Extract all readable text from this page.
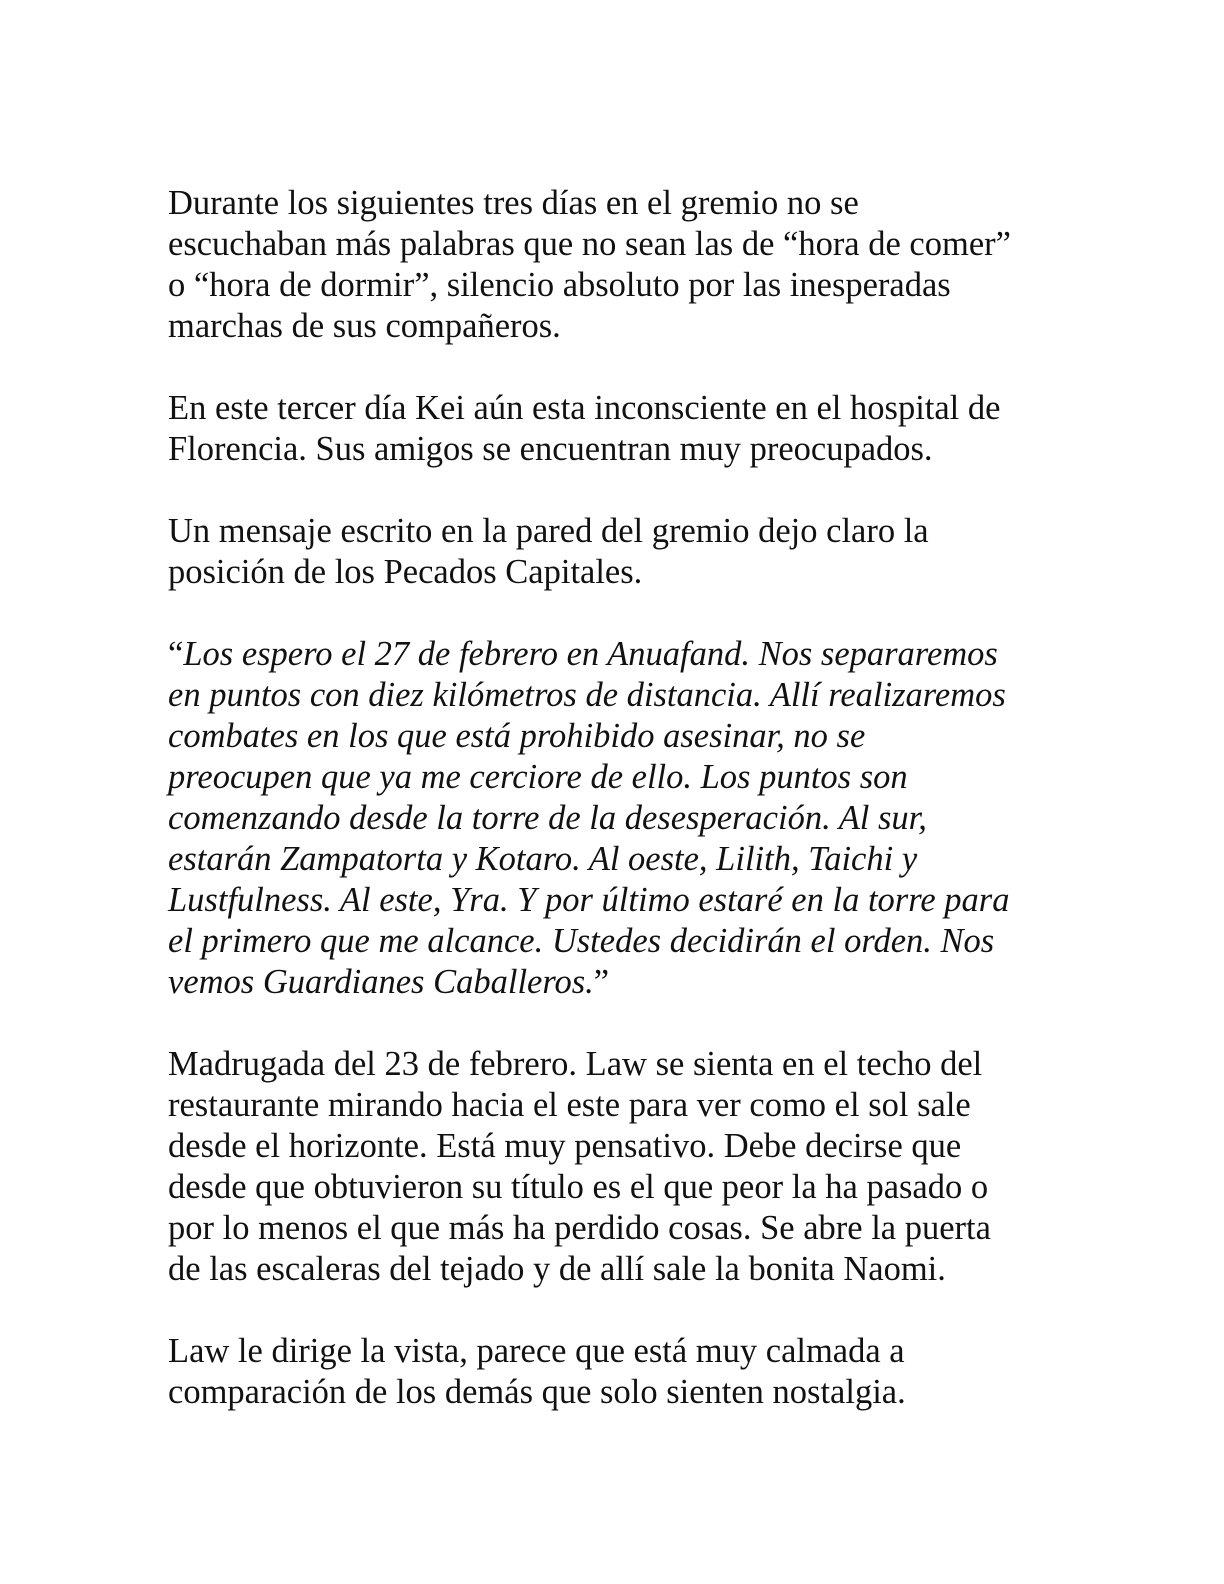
Durante los siguientes tres días en el gremio no se
escuchaban más palabras que no sean las de “hora de comer”
o “hora de dormir”, silencio absoluto por las inesperadas
marchas de sus compañeros.
En este tercer día Kei aún esta inconsciente en el hospital de
Florencia. Sus amigos se encuentran muy preocupados.
Un mensaje escrito en la pared del gremio dejo claro la
posición de los Pecados Capitales.
“Los espero el 27 de febrero en Anuafand. Nos separaremos
en puntos con diez kilómetros de distancia. Allí realizaremos
combates en los que está prohibido asesinar, no se
preocupen que ya me cerciore de ello. Los puntos son
comenzando desde la torre de la desesperación. Al sur,
estarán Zampatorta y Kotaro. Al oeste, Lilith, Taichi y
Lustfulness. Al este, Yra. Y por último estaré en la torre para
el primero que me alcance. Ustedes decidirán el orden. Nos
vemos Guardianes Caballeros.”
Madrugada del 23 de febrero. Law se sienta en el techo del
restaurante mirando hacia el este para ver como el sol sale
desde el horizonte. Está muy pensativo. Debe decirse que
desde que obtuvieron su título es el que peor la ha pasado o
por lo menos el que más ha perdido cosas. Se abre la puerta
de las escaleras del tejado y de allí sale la bonita Naomi.
Law le dirige la vista, parece que está muy calmada a
comparación de los demás que solo sienten nostalgia.
